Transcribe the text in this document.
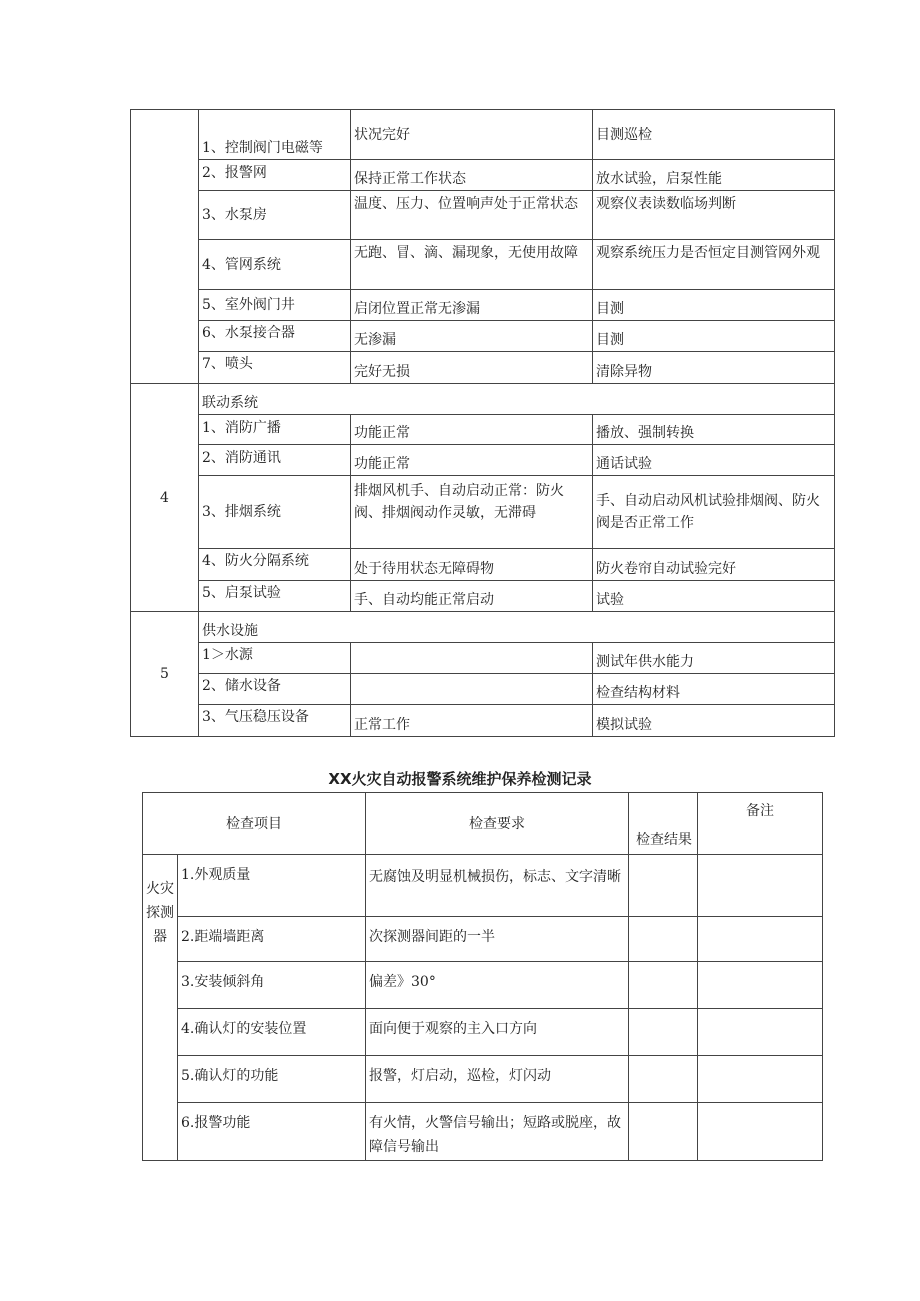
	1、控制阀门电磁等	状况完好	目测巡检
	2、报警网	保持正常工作状态	放水试验，启泵性能
	3、水泵房	温度、压力、位置响声处于正常状态	观察仪表读数临场判断
	4、管网系统	无跑、冒、滴、漏现象，无使用故障	观察系统压力是否恒定目测管网外观
	5、室外阀门井	启闭位置正常无渗漏	目测
	6、水泵接合器	无渗漏	目测
	7、喷头	完好无损	清除异物
4	联动系统		
	1、消防广播	功能正常	播放、强制转换
	2、消防通讯	功能正常	通话试验
	3、排烟系统	排烟风机手、自动启动正常：防火阀、排烟阀动作灵敏，无滞碍	手、自动启动风机试验排烟阀、防火阀是否正常工作
	4、防火分隔系统	处于待用状态无障碍物	防火卷帘自动试验完好
	5、启泵试验	手、自动均能正常启动	试验
5	供水设施		
	1＞水源		测试年供水能力
	2、储水设备		检查结构材料
	3、气压稳压设备	正常工作	模拟试验
XX火灾自动报警系统维护保养检测记录
检查项目		检查要求	检查结果	备注
火灾探测器	1.外观质量	无腐蚀及明显机械损伤，标志、文字清晰		
	2.距端墙距离	次探测器间距的一半		
	3.安装倾斜角	偏差》30°		
	4.确认灯的安装位置	面向便于观察的主入口方向		
	5.确认灯的功能	报警，灯启动，巡检，灯闪动		
	6.报警功能	有火情，火警信号输出；短路或脱座，故障信号输出		
